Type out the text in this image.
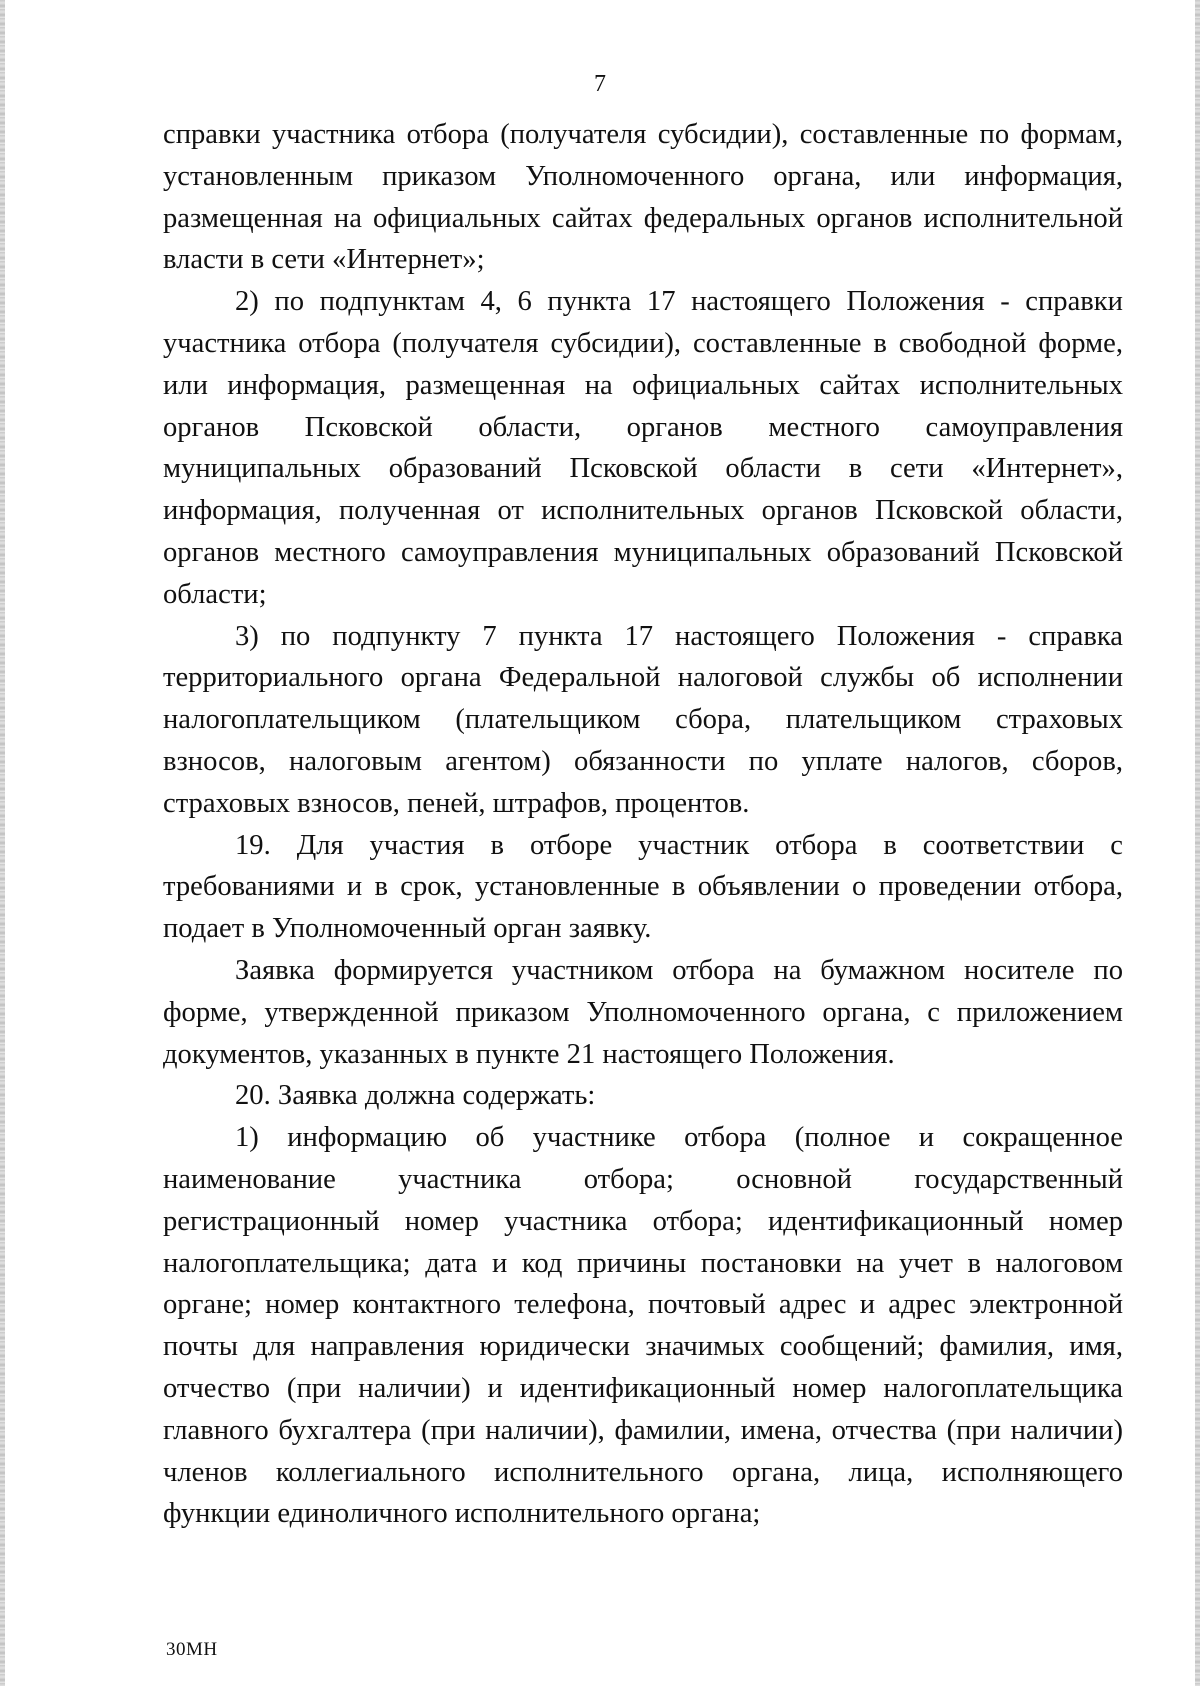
7

справки участника отбора (получателя субсидии), составленные по формам, установленным приказом Уполномоченного органа, или информация, размещенная на официальных сайтах федеральных органов исполнительной власти в сети «Интернет»;

2) по подпунктам 4, 6 пункта 17 настоящего Положения - справки участника отбора (получателя субсидии), составленные в свободной форме, или информация, размещенная на официальных сайтах исполнительных органов Псковской области, органов местного самоуправления муниципальных образований Псковской области в сети «Интернет», информация, полученная от исполнительных органов Псковской области, органов местного самоуправления муниципальных образований Псковской области;

3) по подпункту 7 пункта 17 настоящего Положения - справка территориального органа Федеральной налоговой службы об исполнении налогоплательщиком (плательщиком сбора, плательщиком страховых взносов, налоговым агентом) обязанности по уплате налогов, сборов, страховых взносов, пеней, штрафов, процентов.

19. Для участия в отборе участник отбора в соответствии с требованиями и в срок, установленные в объявлении о проведении отбора, подает в Уполномоченный орган заявку.

Заявка формируется участником отбора на бумажном носителе по форме, утвержденной приказом Уполномоченного органа, с приложением документов, указанных в пункте 21 настоящего Положения.

20. Заявка должна содержать:

1) информацию об участнике отбора (полное и сокращенное наименование участника отбора; основной государственный регистрационный номер участника отбора; идентификационный номер налогоплательщика; дата и код причины постановки на учет в налоговом органе; номер контактного телефона, почтовый адрес и адрес электронной почты для направления юридически значимых сообщений; фамилия, имя, отчество (при наличии) и идентификационный номер налогоплательщика главного бухгалтера (при наличии), фамилии, имена, отчества (при наличии) членов коллегиального исполнительного органа, лица, исполняющего функции единоличного исполнительного органа;

30МН
